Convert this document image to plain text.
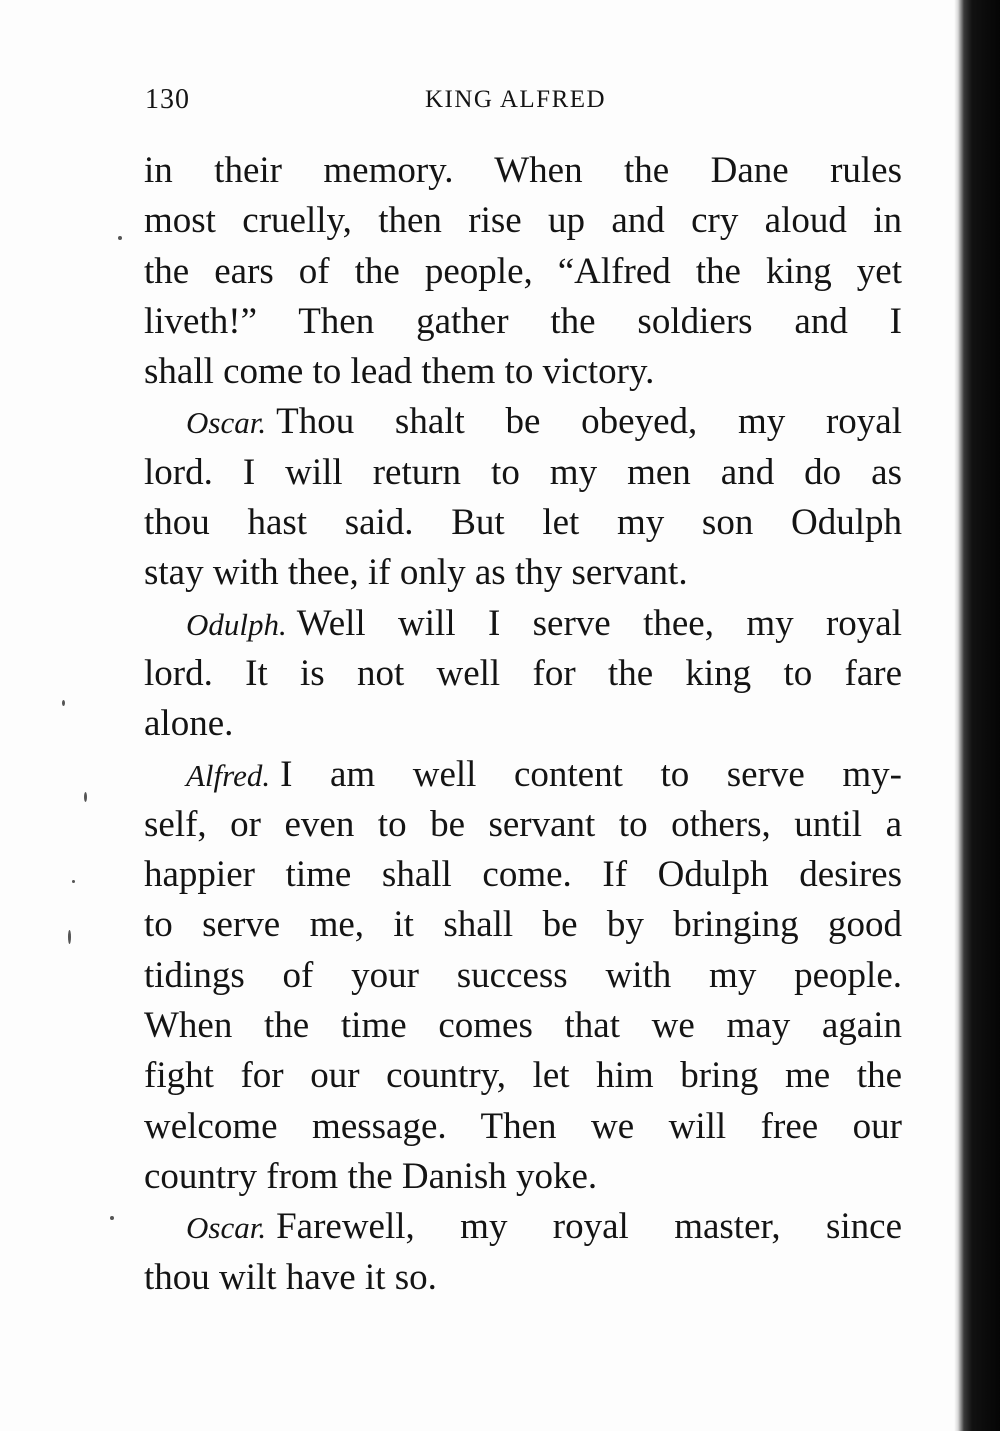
130	KING ALFRED
in their memory. When the Dane rules
most cruelly, then rise up and cry aloud in
the ears of the people, “Alfred the king yet
liveth!” Then gather the soldiers and I
shall come to lead them to victory.
Oscar. Thou shalt be obeyed, my royal
lord. I will return to my men and do as
thou hast said. But let my son Odulph
stay with thee, if only as thy servant.
Odulph. Well will I serve thee, my royal
lord. It is not well for the king to fare
alone.
Alfred. I am well content to serve my-
self, or even to be servant to others, until a
happier time shall come. If Odulph desires
to serve me, it shall be by bringing good
tidings of your success with my people.
When the time comes that we may again
fight for our country, let him bring me the
welcome message. Then we will free our
country from the Danish yoke.
Oscar. Farewell, my royal master, since
thou wilt have it so.
